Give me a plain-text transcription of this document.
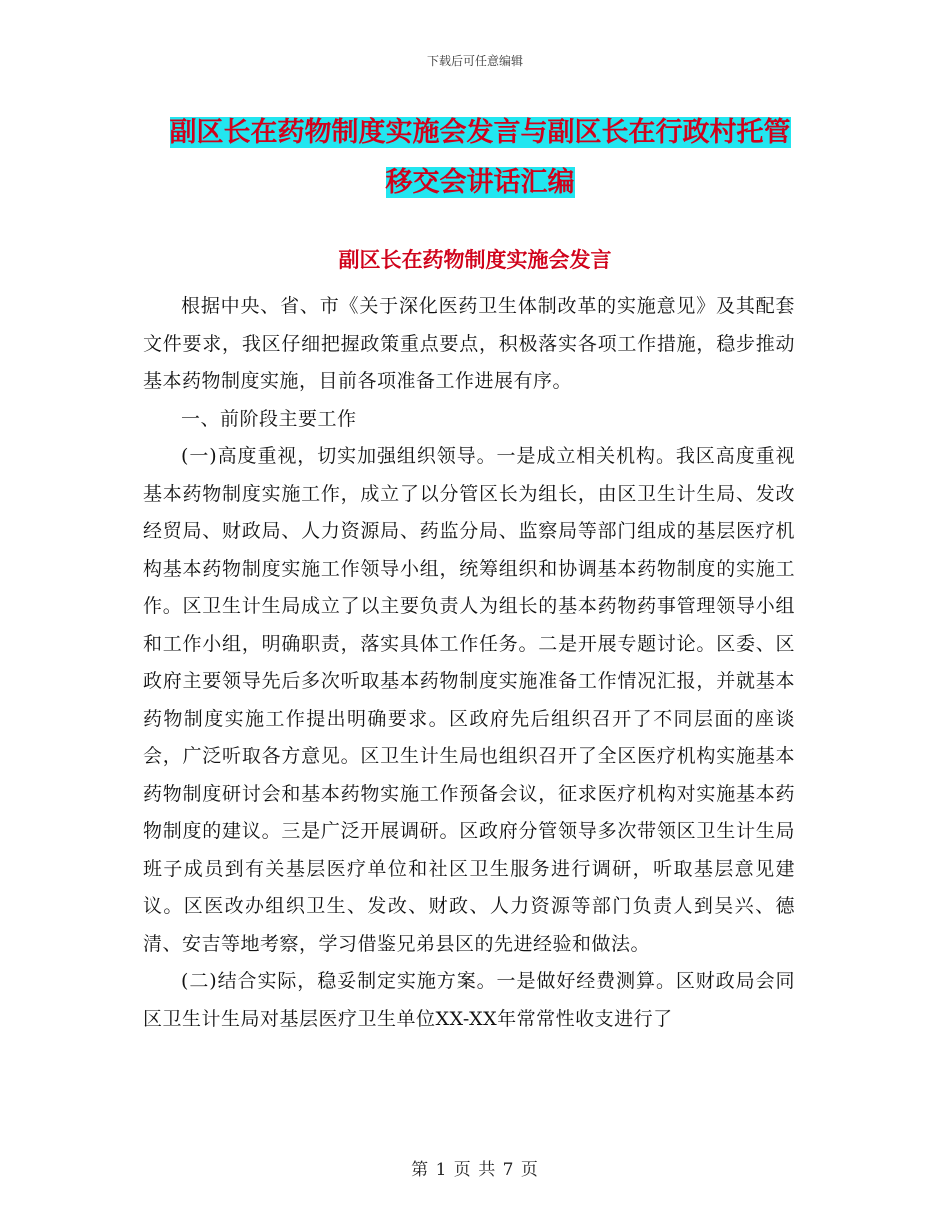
下载后可任意编辑
副区长在药物制度实施会发言与副区长在行政村托管
移交会讲话汇编
副区长在药物制度实施会发言

根据中央、省、市《关于深化医药卫生体制改革的实施意见》及其配套文件要求，我区仔细把握政策重点要点，积极落实各项工作措施，稳步推动基本药物制度实施，目前各项准备工作进展有序。

一、前阶段主要工作

(一)高度重视，切实加强组织领导。一是成立相关机构。我区高度重视基本药物制度实施工作，成立了以分管区长为组长，由区卫生计生局、发改经贸局、财政局、人力资源局、药监分局、监察局等部门组成的基层医疗机构基本药物制度实施工作领导小组，统筹组织和协调基本药物制度的实施工作。区卫生计生局成立了以主要负责人为组长的基本药物药事管理领导小组和工作小组，明确职责，落实具体工作任务。二是开展专题讨论。区委、区政府主要领导先后多次听取基本药物制度实施准备工作情况汇报，并就基本药物制度实施工作提出明确要求。区政府先后组织召开了不同层面的座谈会，广泛听取各方意见。区卫生计生局也组织召开了全区医疗机构实施基本药物制度研讨会和基本药物实施工作预备会议，征求医疗机构对实施基本药物制度的建议。三是广泛开展调研。区政府分管领导多次带领区卫生计生局班子成员到有关基层医疗单位和社区卫生服务进行调研，听取基层意见建议。区医改办组织卫生、发改、财政、人力资源等部门负责人到吴兴、德清、安吉等地考察，学习借鉴兄弟县区的先进经验和做法。

(二)结合实际，稳妥制定实施方案。一是做好经费测算。区财政局会同区卫生计生局对基层医疗卫生单位XX-XX年常常性收支进行了

第 1 页 共 7 页
